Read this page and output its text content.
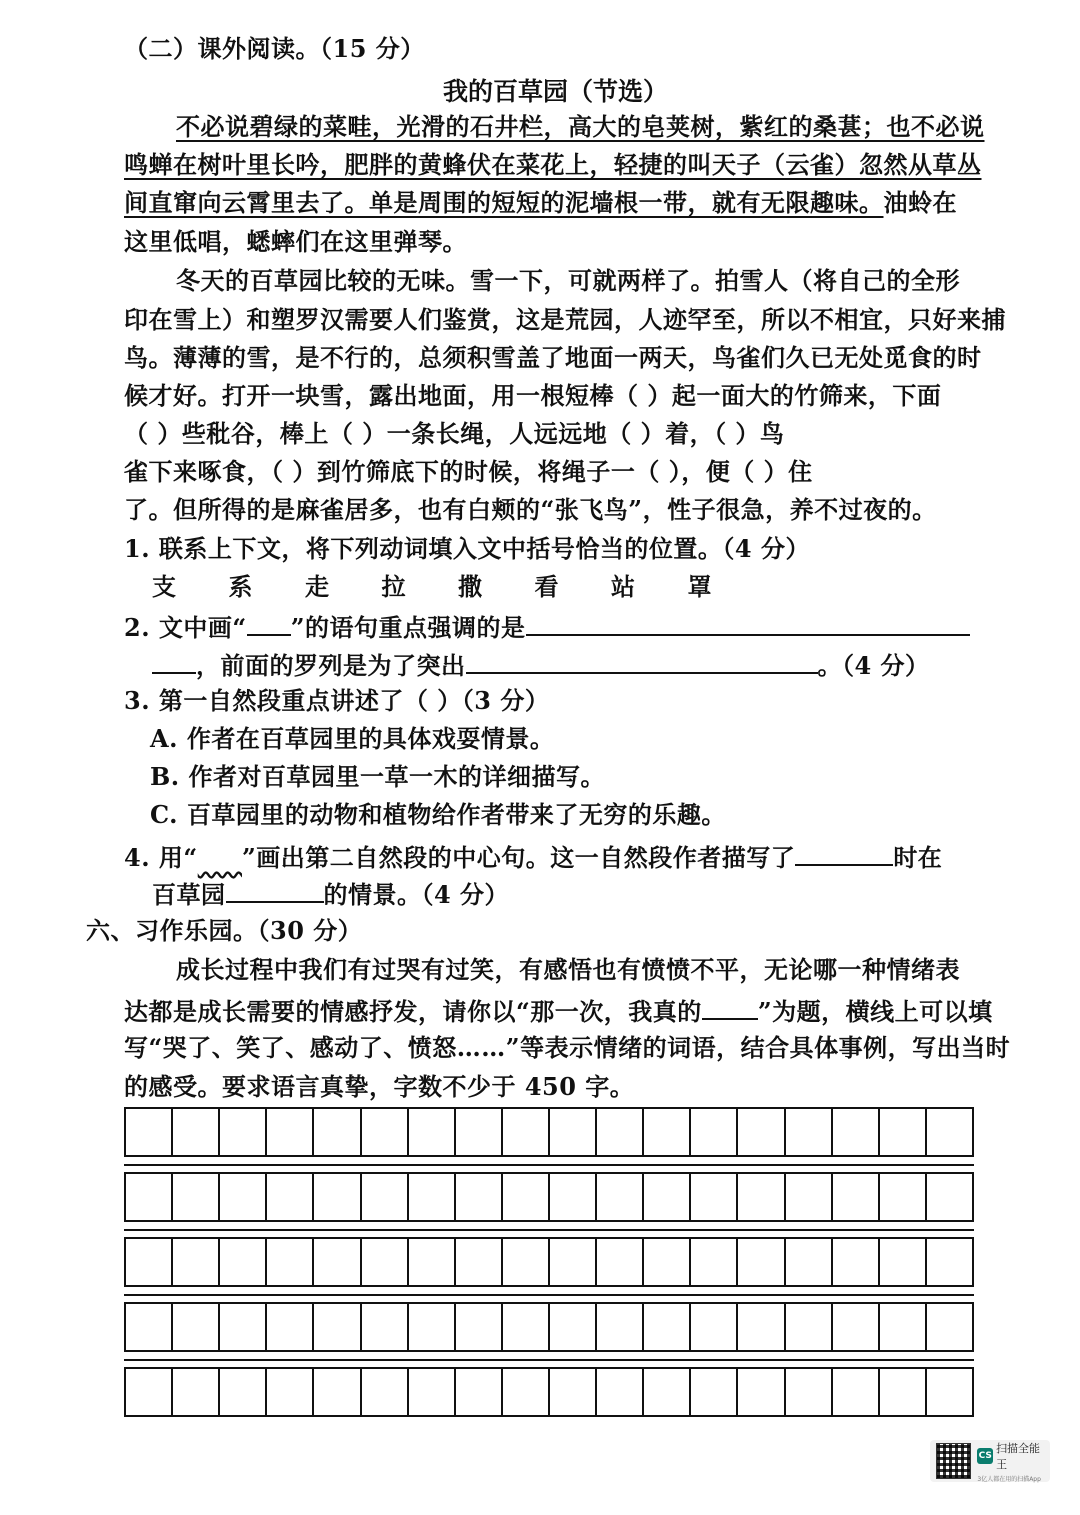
（二）课外阅读。（15 分）
我的百草园（节选）
不必说碧绿的菜畦，光滑的石井栏，高大的皂荚树，紫红的桑葚；也不必说
鸣蝉在树叶里长吟，肥胖的黄蜂伏在菜花上，轻捷的叫天子（云雀）忽然从草丛
间直窜向云霄里去了。单是周围的短短的泥墙根一带，就有无限趣味。油蛉在
这里低唱，蟋蟀们在这里弹琴。
冬天的百草园比较的无味。雪一下，可就两样了。拍雪人（将自己的全形
印在雪上）和塑罗汉需要人们鉴赏，这是荒园，人迹罕至，所以不相宜，只好来捕
鸟。薄薄的雪，是不行的，总须积雪盖了地面一两天，鸟雀们久已无处觅食的时
候才好。打开一块雪，露出地面，用一根短棒（ ）起一面大的竹筛来，下面
（ ）些秕谷，棒上（ ）一条长绳，人远远地（ ）着，（ ）鸟
雀下来啄食，（ ）到竹筛底下的时候，将绳子一（ ），便（ ）住
了。但所得的是麻雀居多，也有白颊的“张飞鸟”，性子很急，养不过夜的。
1. 联系上下文，将下列动词填入文中括号恰当的位置。（4 分）
支 系 走 拉 撒 看 站 罩
2. 文中画“ ”的语句重点强调的是
，前面的罗列是为了突出	。（4 分）
3. 第一自然段重点讲述了（ ）（3 分）
A. 作者在百草园里的具体戏耍情景。
B. 作者对百草园里一草一木的详细描写。
C. 百草园里的动物和植物给作者带来了无穷的乐趣。
4. 用“ ”画出第二自然段的中心句。这一自然段作者描写了	时在
百草园	的情景。（4 分）
六、习作乐园。（30 分）
成长过程中我们有过哭有过笑，有感悟也有愤愤不平，无论哪一种情绪表
达都是成长需要的情感抒发，请你以“那一次，我真的 ”为题，横线上可以填
写“哭了、笑了、感动了、愤怒……”等表示情绪的词语，结合具体事例，写出当时
的感受。要求语言真挚，字数不少于 450 字。
CS
扫描全能王
3亿人都在用的扫描App
